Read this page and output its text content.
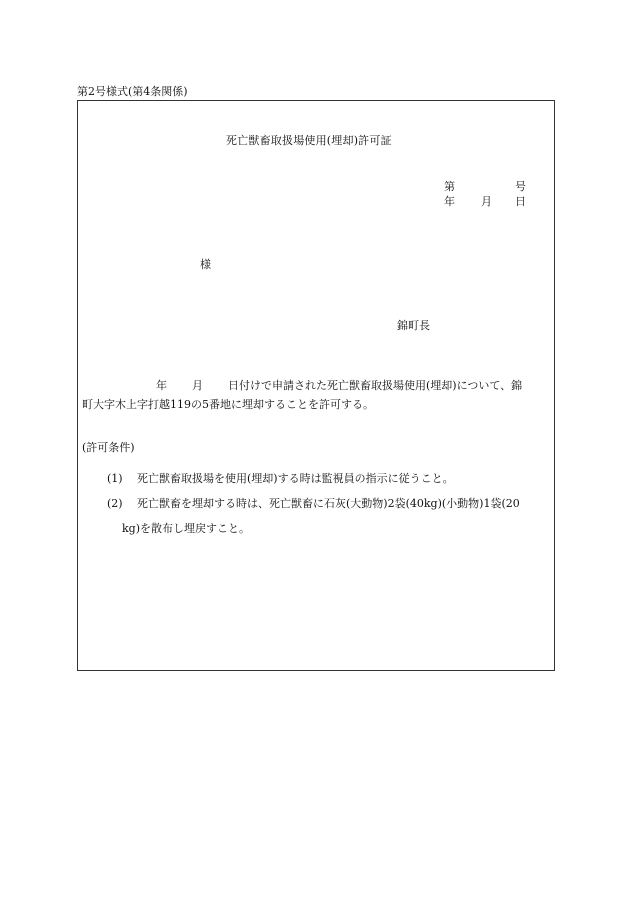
第2号様式(第4条関係)
死亡獣畜取扱場使用(埋却)許可証
第	号
年 月 日
様
錦町長
年 月 日付けで申請された死亡獣畜取扱場使用(埋却)について、錦
町大字木上字打越119の5番地に埋却することを許可する。
(許可条件)
(1) 死亡獣畜取扱場を使用(埋却)する時は監視員の指示に従うこと。
(2) 死亡獣畜を埋却する時は、死亡獣畜に石灰(大動物)2袋(40kg)(小動物)1袋(20
kg)を散布し埋戻すこと。
